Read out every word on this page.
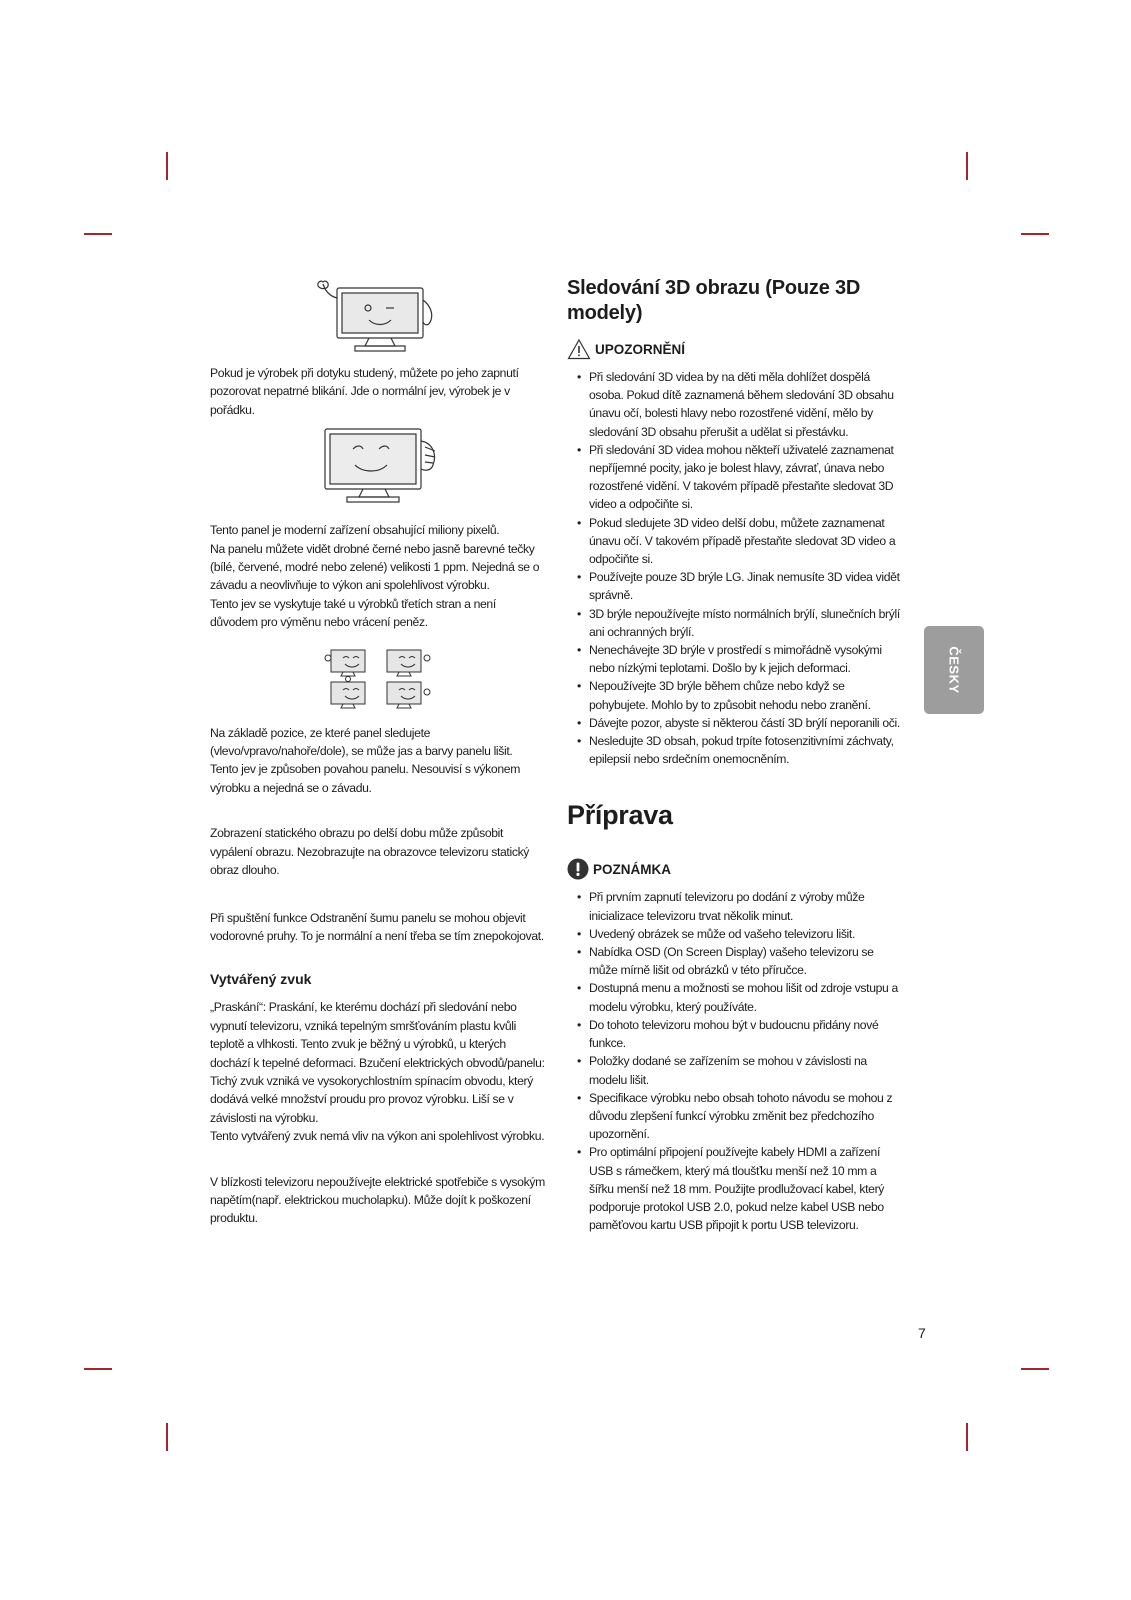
Pokud je výrobek při dotyku studený, můžete po jeho zapnutí pozorovat nepatrné blikání. Jde o normální jev, výrobek je v pořádku.

Tento panel je moderní zařízení obsahující miliony pixelů.

Na panelu můžete vidět drobné černé nebo jasně barevné tečky (bílé, červené, modré nebo zelené) velikosti 1 ppm. Nejedná se o závadu a neovlivňuje to výkon ani spolehlivost výrobku.

Tento jev se vyskytuje také u výrobků třetích stran a není důvodem pro výměnu nebo vrácení peněz.

Na základě pozice, ze které panel sledujete (vlevo/vpravo/nahoře/dole), se může jas a barvy panelu lišit.

Tento jev je způsoben povahou panelu. Nesouvisí s výkonem výrobku a nejedná se o závadu.

Zobrazení statického obrazu po delší dobu může způsobit vypálení obrazu. Nezobrazujte na obrazovce televizoru statický obraz dlouho.

Při spuštění funkce Odstranění šumu panelu se mohou objevit vodorovné pruhy. To je normální a není třeba se tím znepokojovat.

Vytvářený zvuk

„Praskání“: Praskání, ke kterému dochází při sledování nebo vypnutí televizoru, vzniká tepelným smršťováním plastu kvůli teplotě a vlhkosti. Tento zvuk je běžný u výrobků, u kterých dochází k tepelné deformaci. Bzučení elektrických obvodů/panelu: Tichý zvuk vzniká ve vysokorychlostním spínacím obvodu, který dodává velké množství proudu pro provoz výrobku. Liší se v závislosti na výrobku.

Tento vytvářený zvuk nemá vliv na výkon ani spolehlivost výrobku.

V blízkosti televizoru nepoužívejte elektrické spotřebiče s vysokým napětím(např. elektrickou mucholapku). Může dojít k poškození produktu.

Sledování 3D obrazu (Pouze 3D modely)
UPOZORNĚNÍ
• Při sledování 3D videa by na děti měla dohlížet dospělá osoba. Pokud dítě zaznamená během sledování 3D obsahu únavu očí, bolesti hlavy nebo rozostřené vidění, mělo by sledování 3D obsahu přerušit a udělat si přestávku.
• Při sledování 3D videa mohou někteří uživatelé zaznamenat nepříjemné pocity, jako je bolest hlavy, závrať, únava nebo rozostřené vidění. V takovém případě přestaňte sledovat 3D video a odpočiňte si.
• Pokud sledujete 3D video delší dobu, můžete zaznamenat únavu očí. V takovém případě přestaňte sledovat 3D video a odpočiňte si.
• Používejte pouze 3D brýle LG. Jinak nemusíte 3D videa vidět správně.
• 3D brýle nepoužívejte místo normálních brýlí, slunečních brýlí ani ochranných brýlí.
• Nenechávejte 3D brýle v prostředí s mimořádně vysokými nebo nízkými teplotami. Došlo by k jejich deformaci.
• Nepoužívejte 3D brýle během chůze nebo když se pohybujete. Mohlo by to způsobit nehodu nebo zranění.
• Dávejte pozor, abyste si některou částí 3D brýlí neporanili oči.
• Nesledujte 3D obsah, pokud trpíte fotosenzitivními záchvaty, epilepsií nebo srdečním onemocněním.
Příprava
POZNÁMKA
• Při prvním zapnutí televizoru po dodání z výroby může inicializace televizoru trvat několik minut.
• Uvedený obrázek se může od vašeho televizoru lišit.
• Nabídka OSD (On Screen Display) vašeho televizoru se může mírně lišit od obrázků v této příručce.
• Dostupná menu a možnosti se mohou lišit od zdroje vstupu a modelu výrobku, který používáte.
• Do tohoto televizoru mohou být v budoucnu přidány nové funkce.
• Položky dodané se zařízením se mohou v závislosti na modelu lišit.
• Specifikace výrobku nebo obsah tohoto návodu se mohou z důvodu zlepšení funkcí výrobku změnit bez předchozího upozornění.
• Pro optimální připojení používejte kabely HDMI a zařízení USB s rámečkem, který má tloušťku menší než 10 mm a šířku menší než 18 mm. Použijte prodlužovací kabel, který podporuje protokol USB 2.0, pokud nelze kabel USB nebo paměťovou kartu USB připojit k portu USB televizoru.
ČESKY
7
